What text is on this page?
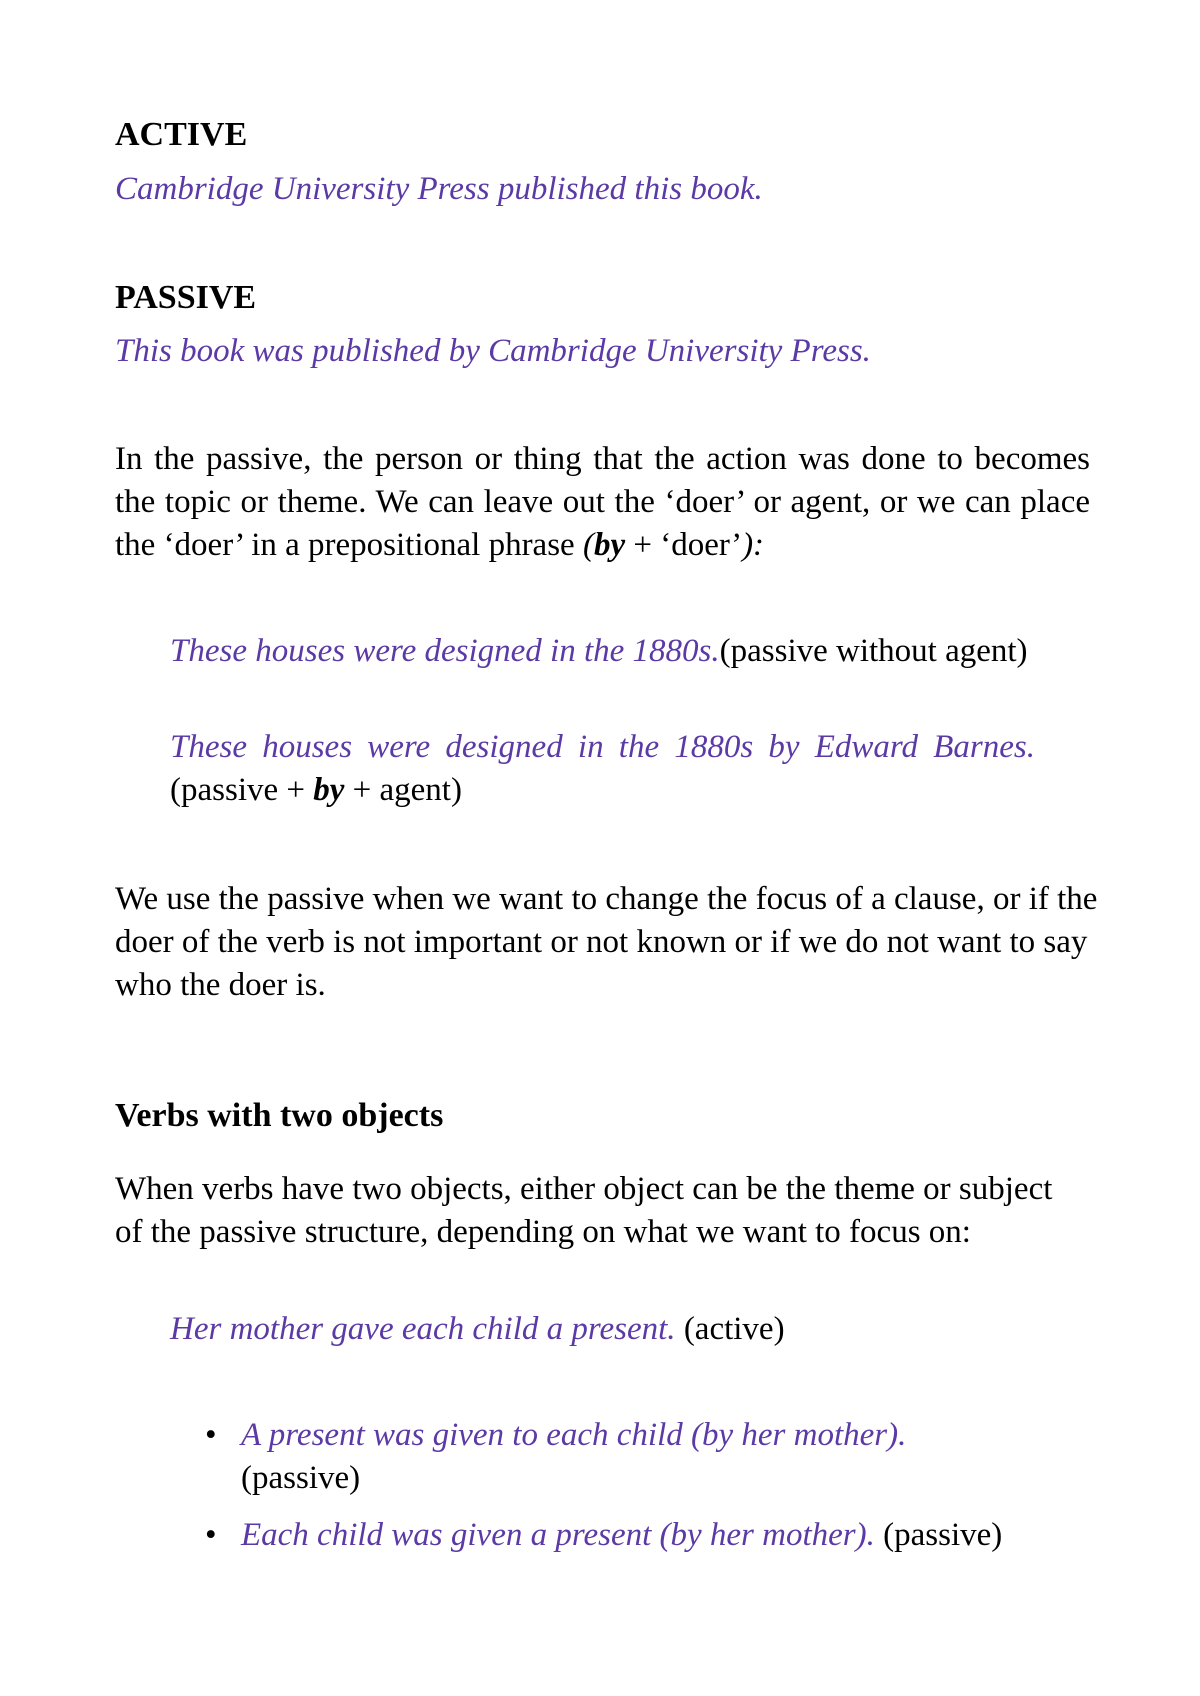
ACTIVE
Cambridge University Press published this book.
PASSIVE
This book was published by Cambridge University Press.
In the passive, the person or thing that the action was done to becomes the topic or theme. We can leave out the ‘doer’ or agent, or we can place the ‘doer’ in a prepositional phrase (by + ‘doer’):
These houses were designed in the 1880s.(passive without agent)
These houses were designed in the 1880s by Edward Barnes. (passive + by + agent)
We use the passive when we want to change the focus of a clause, or if the doer of the verb is not important or not known or if we do not want to say who the doer is.
Verbs with two objects
When verbs have two objects, either object can be the theme or subject of the passive structure, depending on what we want to focus on:
Her mother gave each child a present. (active)
• A present was given to each child (by her mother).
(passive)
• Each child was given a present (by her mother). (passive)
